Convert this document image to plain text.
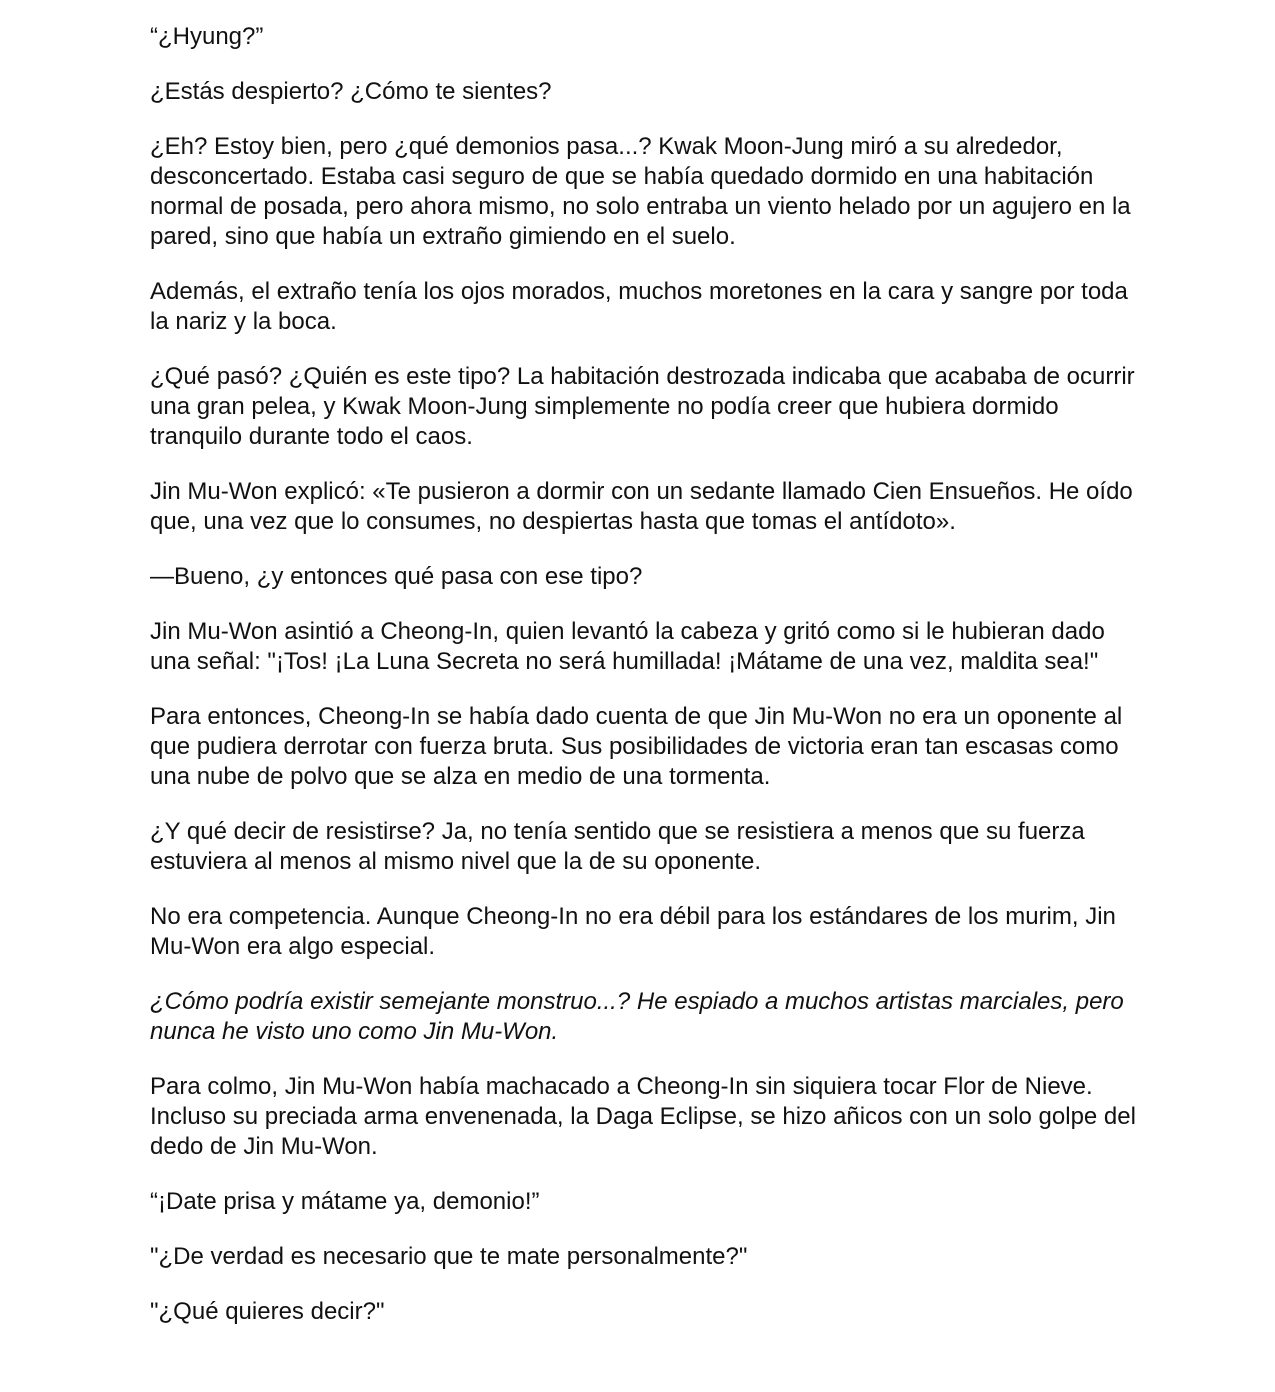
“¿Hyung?”

¿Estás despierto? ¿Cómo te sientes?

¿Eh? Estoy bien, pero ¿qué demonios pasa...? Kwak Moon-Jung miró a su alrededor, desconcertado. Estaba casi seguro de que se había quedado dormido en una habitación normal de posada, pero ahora mismo, no solo entraba un viento helado por un agujero en la pared, sino que había un extraño gimiendo en el suelo.

Además, el extraño tenía los ojos morados, muchos moretones en la cara y sangre por toda la nariz y la boca.

¿Qué pasó? ¿Quién es este tipo? La habitación destrozada indicaba que acababa de ocurrir una gran pelea, y Kwak Moon-Jung simplemente no podía creer que hubiera dormido tranquilo durante todo el caos.

Jin Mu-Won explicó: «Te pusieron a dormir con un sedante llamado Cien Ensueños. He oído que, una vez que lo consumes, no despiertas hasta que tomas el antídoto».

—Bueno, ¿y entonces qué pasa con ese tipo?

Jin Mu-Won asintió a Cheong-In, quien levantó la cabeza y gritó como si le hubieran dado una señal: "¡Tos! ¡La Luna Secreta no será humillada! ¡Mátame de una vez, maldita sea!"

Para entonces, Cheong-In se había dado cuenta de que Jin Mu-Won no era un oponente al que pudiera derrotar con fuerza bruta. Sus posibilidades de victoria eran tan escasas como una nube de polvo que se alza en medio de una tormenta.

¿Y qué decir de resistirse? Ja, no tenía sentido que se resistiera a menos que su fuerza estuviera al menos al mismo nivel que la de su oponente.

No era competencia. Aunque Cheong-In no era débil para los estándares de los murim, Jin Mu-Won era algo especial.

¿Cómo podría existir semejante monstruo...? He espiado a muchos artistas marciales, pero nunca he visto uno como Jin Mu-Won.

Para colmo, Jin Mu-Won había machacado a Cheong-In sin siquiera tocar Flor de Nieve. Incluso su preciada arma envenenada, la Daga Eclipse, se hizo añicos con un solo golpe del dedo de Jin Mu-Won.

“¡Date prisa y mátame ya, demonio!”

"¿De verdad es necesario que te mate personalmente?"

"¿Qué quieres decir?"
